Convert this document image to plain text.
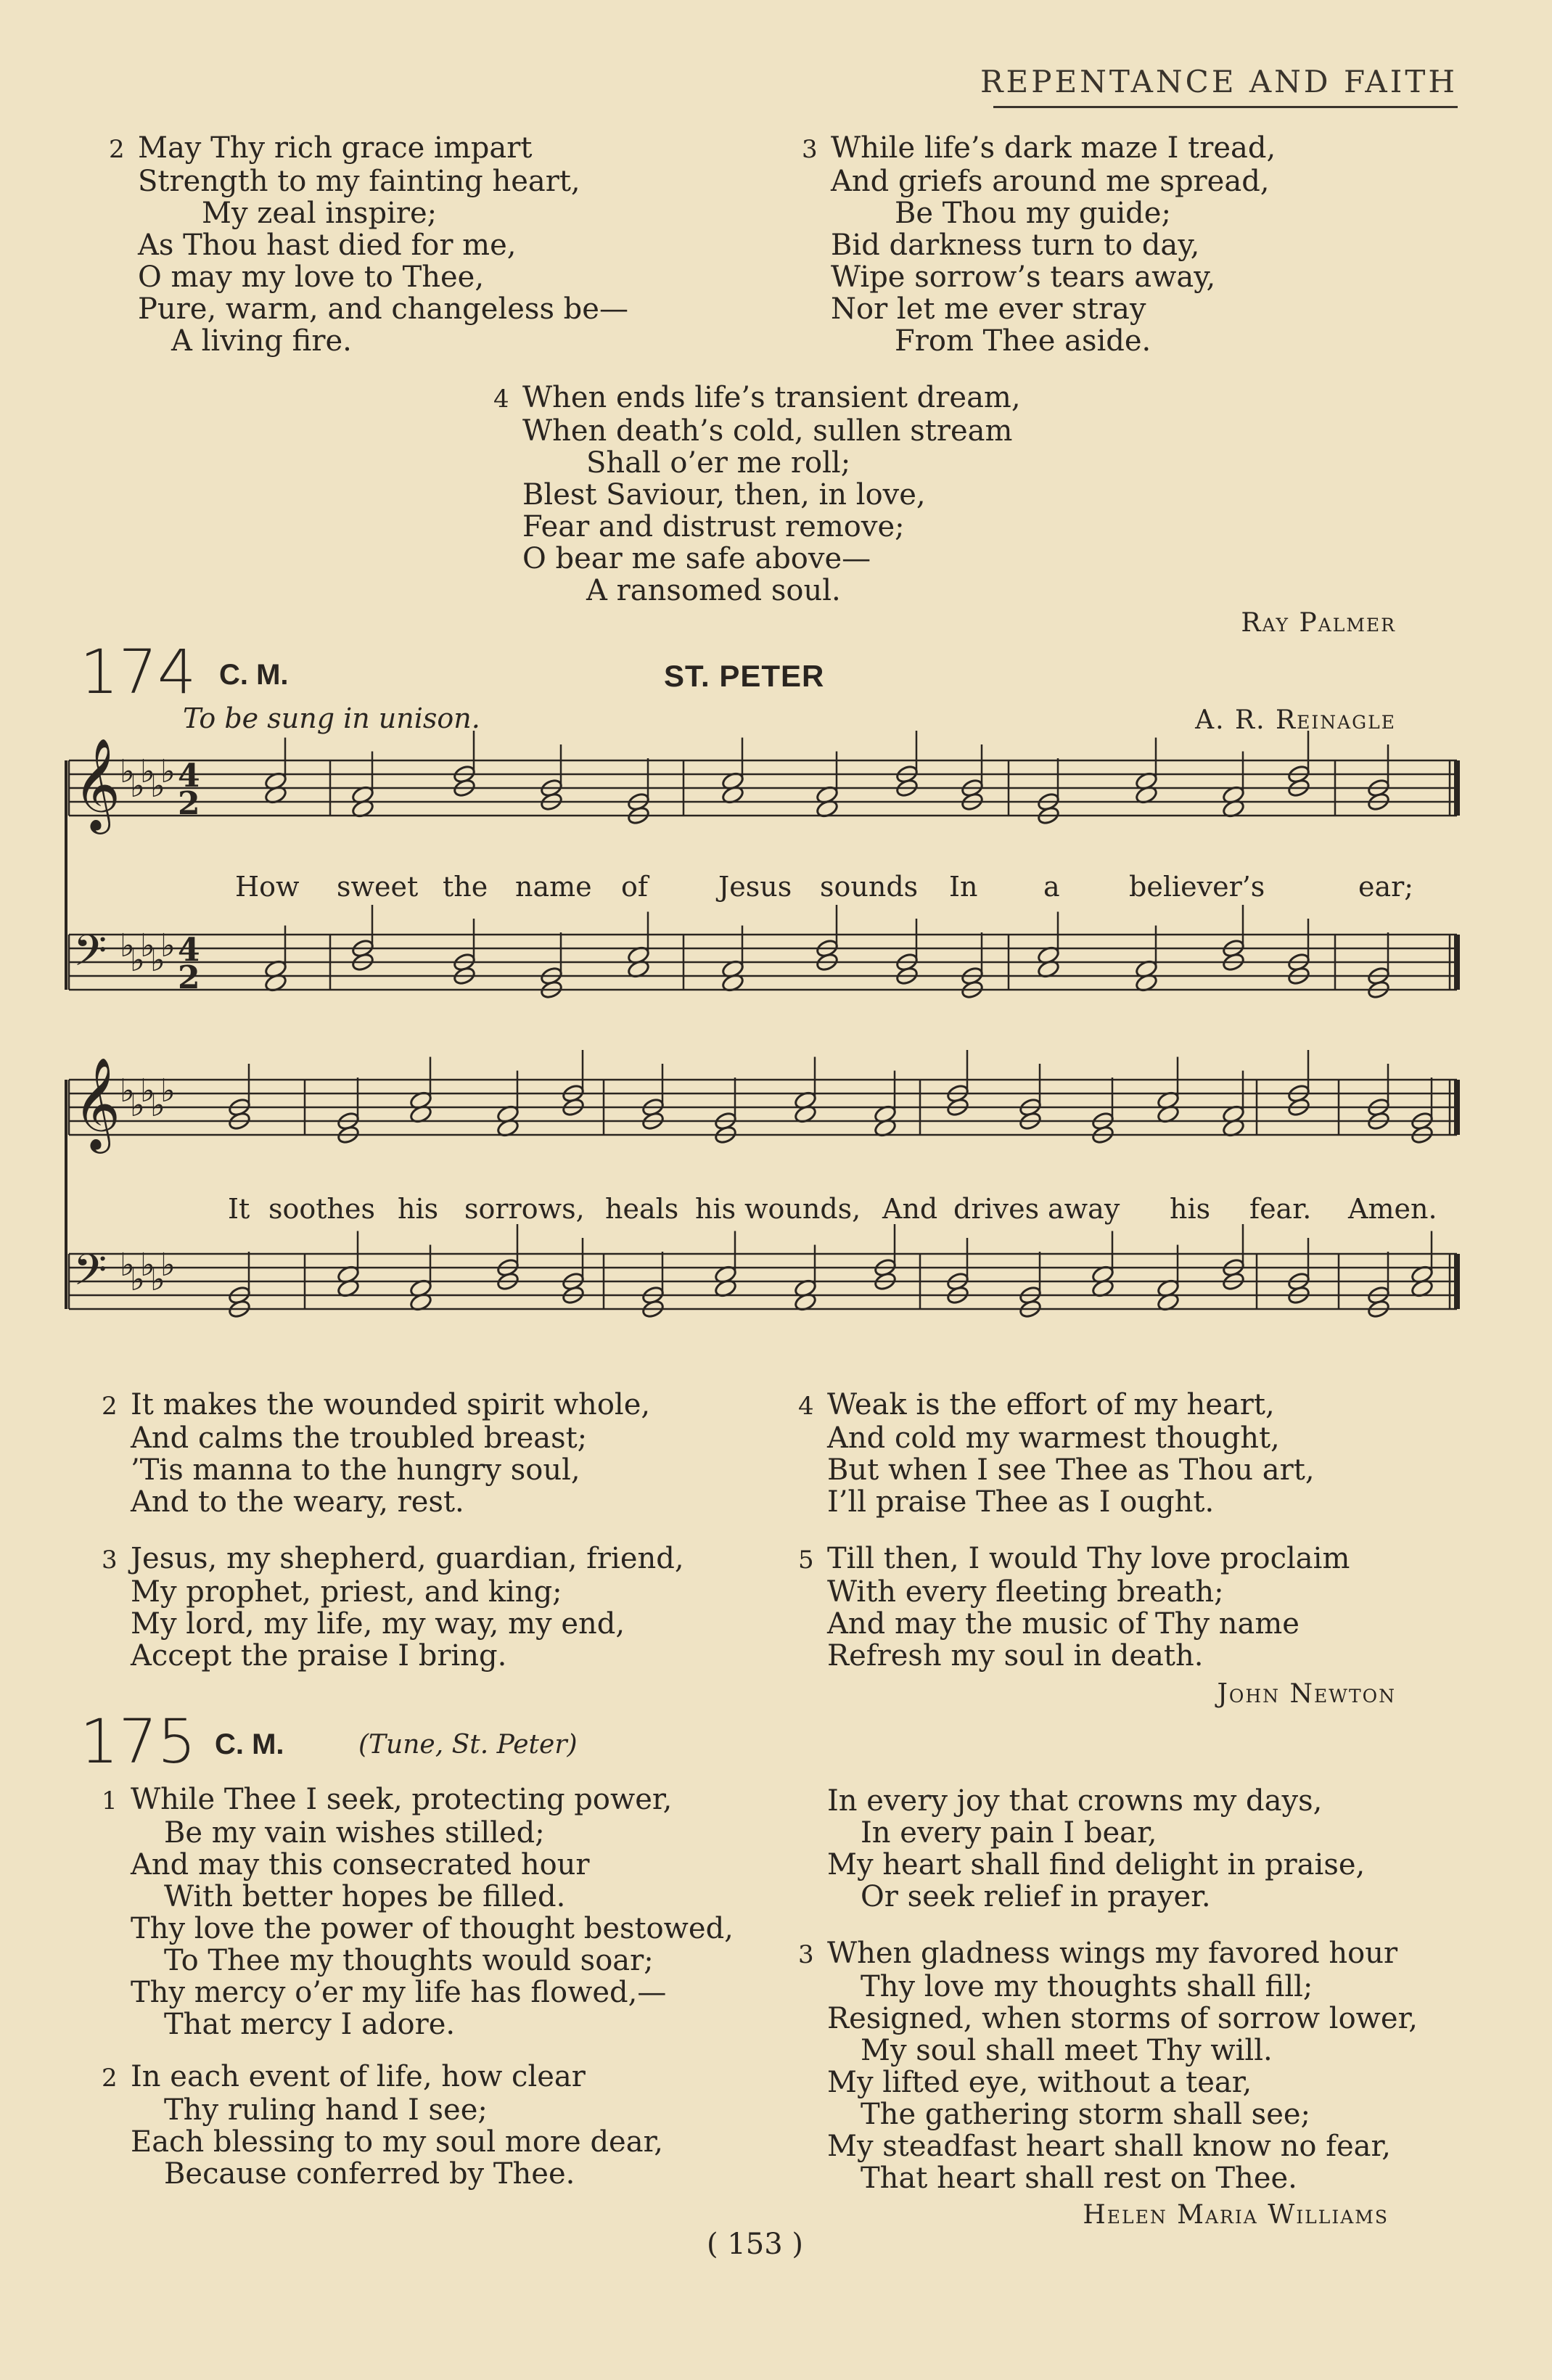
REPENTANCE AND FAITH
2 May Thy rich grace impart
Strength to my fainting heart,
My zeal inspire;
As Thou hast died for me,
O may my love to Thee,
Pure, warm, and changeless be—
A living fire.
3 While life’s dark maze I tread,
And griefs around me spread,
Be Thou my guide;
Bid darkness turn to day,
Wipe sorrow’s tears away,
Nor let me ever stray
From Thee aside.
4 When ends life’s transient dream,
When death’s cold, sullen stream
Shall o’er me roll;
Blest Saviour, then, in love,
Fear and distrust remove;
O bear me safe above—
A ransomed soul.
Ray Palmer
174 C. M.	ST. PETER
To be sung in unison.	A. R. Reinagle
𝄞
♭
♭
♭
♭
♭ 4
2
𝄢 ♭
♭
♭
♭
♭ 4
2
𝄞
♭
♭
♭
♭
♭
𝄢 ♭
♭
♭
♭
♭
How sweet the name of	Jesus sounds In a	believer’s	ear;
It soothes his sorrows, heals his wounds, And drives away his fear. Amen.
2 It makes the wounded spirit whole,
And calms the troubled breast;
’Tis manna to the hungry soul,
And to the weary, rest.
3 Jesus, my shepherd, guardian, friend,
My prophet, priest, and king;
My lord, my life, my way, my end,
Accept the praise I bring.
4 Weak is the effort of my heart,
And cold my warmest thought,
But when I see Thee as Thou art,
I’ll praise Thee as I ought.
5 Till then, I would Thy love proclaim
With every fleeting breath;
And may the music of Thy name
Refresh my soul in death.
John Newton
175 C. M.	(Tune, St. Peter)
1 While Thee I seek, protecting power,
Be my vain wishes stilled;
And may this consecrated hour
With better hopes be filled.
Thy love the power of thought bestowed,
To Thee my thoughts would soar;
Thy mercy o’er my life has flowed,—
That mercy I adore.
2 In each event of life, how clear
Thy ruling hand I see;
Each blessing to my soul more dear,
Because conferred by Thee.
In every joy that crowns my days,
In every pain I bear,
My heart shall find delight in praise,
Or seek relief in prayer.
3 When gladness wings my favored hour
Thy love my thoughts shall fill;
Resigned, when storms of sorrow lower,
My soul shall meet Thy will.
My lifted eye, without a tear,
The gathering storm shall see;
My steadfast heart shall know no fear,
That heart shall rest on Thee.
Helen Maria Williams
( 153 )
